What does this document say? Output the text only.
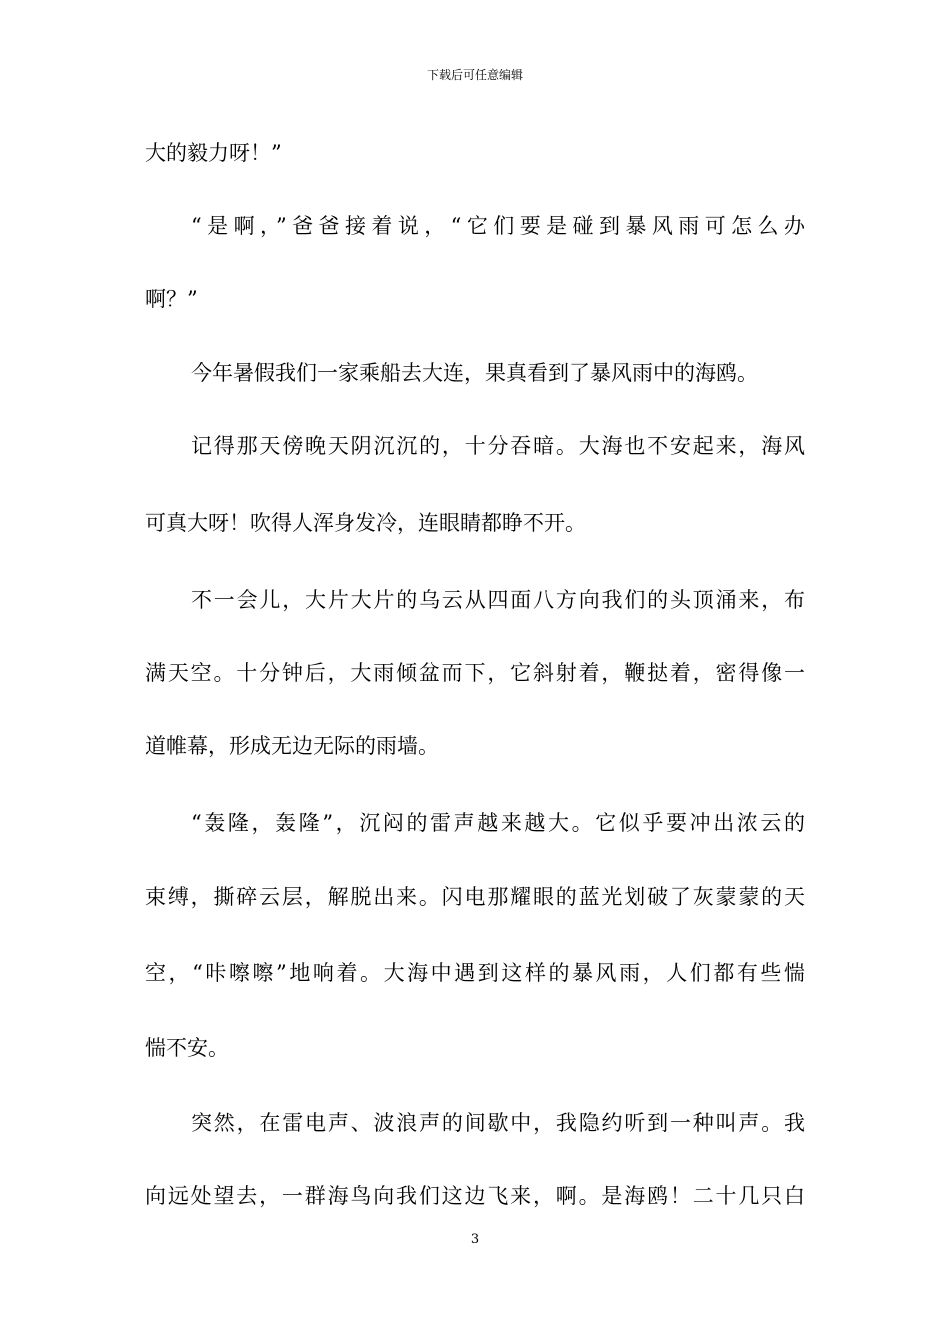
下载后可任意编辑
大的毅力呀！”
“是啊，”爸爸接着说，“它们要是碰到暴风雨可怎么办
啊？”
今年暑假我们一家乘船去大连，果真看到了暴风雨中的海鸥。
记得那天傍晚天阴沉沉的，十分吞暗。大海也不安起来，海风
可真大呀！吹得人浑身发冷，连眼睛都睁不开。
不一会儿，大片大片的乌云从四面八方向我们的头顶涌来，布
满天空。十分钟后，大雨倾盆而下，它斜射着，鞭挞着，密得像一
道帷幕，形成无边无际的雨墙。
“轰隆，轰隆”，沉闷的雷声越来越大。它似乎要冲出浓云的
束缚，撕碎云层，解脱出来。闪电那耀眼的蓝光划破了灰蒙蒙的天
空，“咔嚓嚓”地响着。大海中遇到这样的暴风雨，人们都有些惴
惴不安。
突然，在雷电声、波浪声的间歇中，我隐约听到一种叫声。我
向远处望去，一群海鸟向我们这边飞来，啊。是海鸥！二十几只白
3
